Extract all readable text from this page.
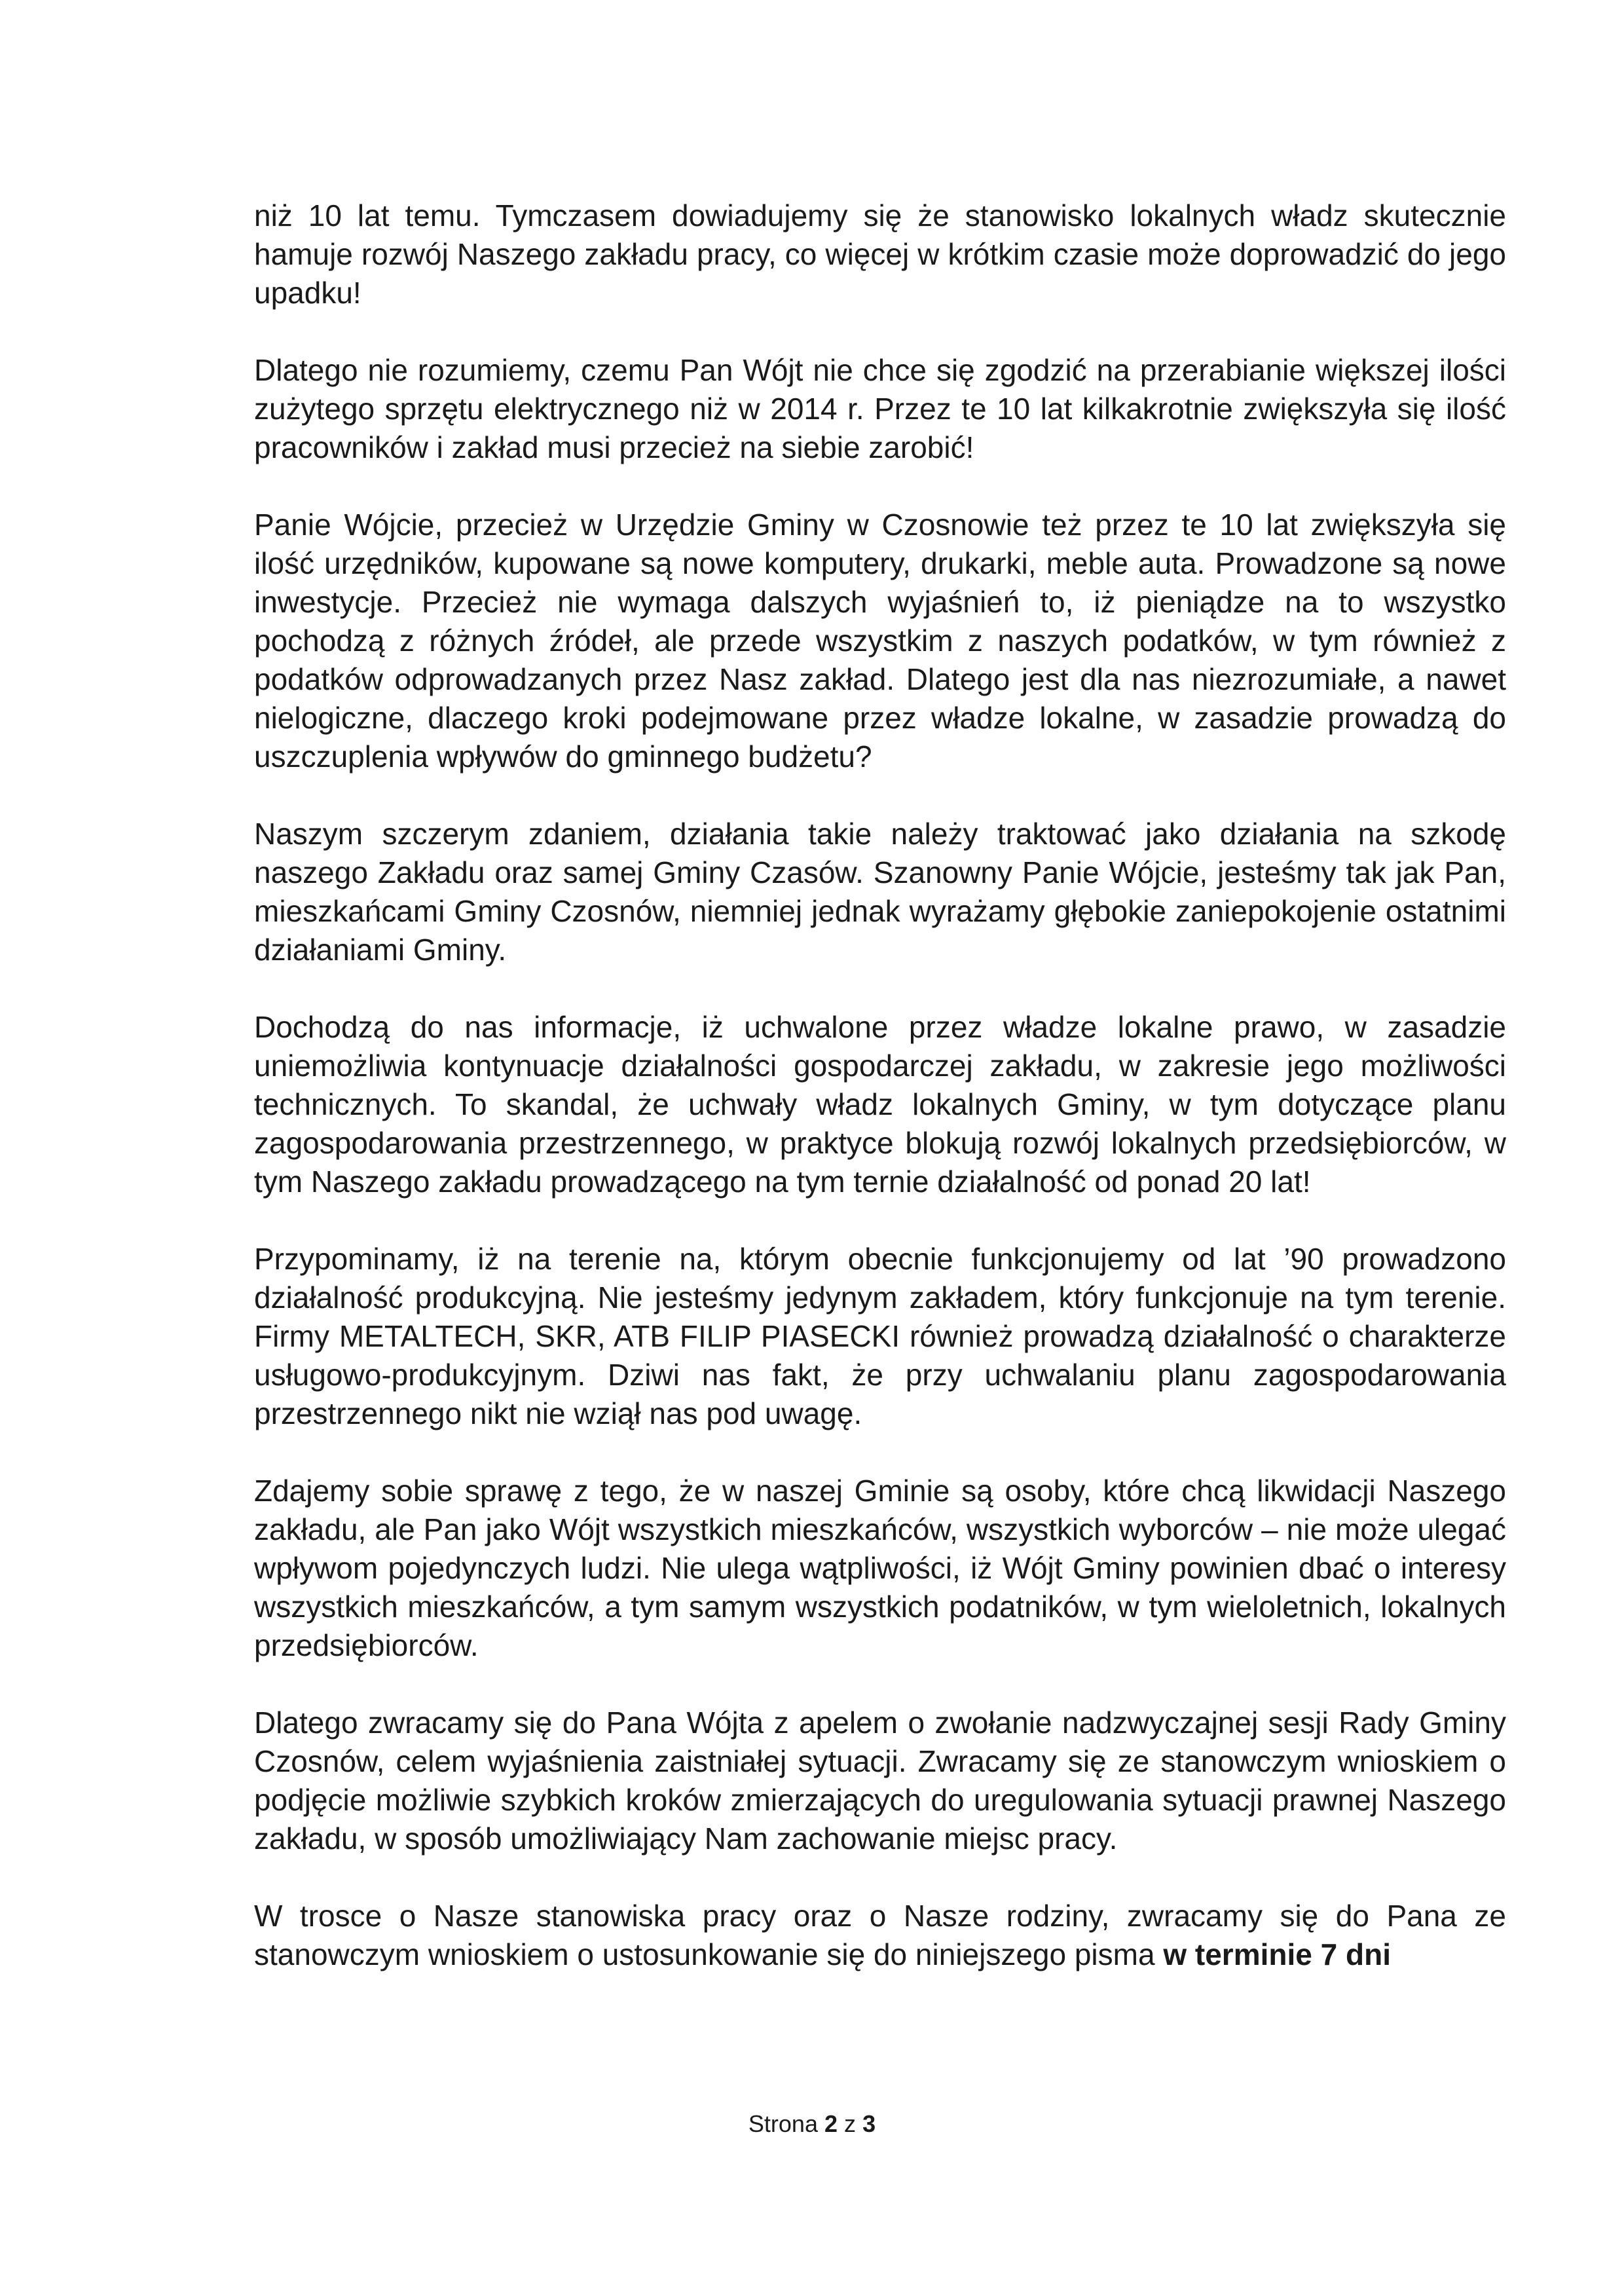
niż 10 lat temu. Tymczasem dowiadujemy się że stanowisko lokalnych władz skutecznie hamuje rozwój Naszego zakładu pracy, co więcej w krótkim czasie może doprowadzić do jego upadku!

Dlatego nie rozumiemy, czemu Pan Wójt nie chce się zgodzić na przerabianie większej ilości zużytego sprzętu elektrycznego niż w 2014 r. Przez te 10 lat kilkakrotnie zwiększyła się ilość pracowników i zakład musi przecież na siebie zarobić!

Panie Wójcie, przecież w Urzędzie Gminy w Czosnowie też przez te 10 lat zwiększyła się ilość urzędników, kupowane są nowe komputery, drukarki, meble auta. Prowadzone są nowe inwestycje. Przecież nie wymaga dalszych wyjaśnień to, iż pieniądze na to wszystko pochodzą z różnych źródeł, ale przede wszystkim z naszych podatków, w tym również z podatków odprowadzanych przez Nasz zakład. Dlatego jest dla nas niezrozumiałe, a nawet nielogiczne, dlaczego kroki podejmowane przez władze lokalne, w zasadzie prowadzą do uszczuplenia wpływów do gminnego budżetu?

Naszym szczerym zdaniem, działania takie należy traktować jako działania na szkodę naszego Zakładu oraz samej Gminy Czasów. Szanowny Panie Wójcie, jesteśmy tak jak Pan, mieszkańcami Gminy Czosnów, niemniej jednak wyrażamy głębokie zaniepokojenie ostatnimi działaniami Gminy.

Dochodzą do nas informacje, iż uchwalone przez władze lokalne prawo, w zasadzie uniemożliwia kontynuacje działalności gospodarczej zakładu, w zakresie jego możliwości technicznych. To skandal, że uchwały władz lokalnych Gminy, w tym dotyczące planu zagospodarowania przestrzennego, w praktyce blokują rozwój lokalnych przedsiębiorców, w tym Naszego zakładu prowadzącego na tym ternie działalność od ponad 20 lat!

Przypominamy, iż na terenie na, którym obecnie funkcjonujemy od lat ’90 prowadzono działalność produkcyjną. Nie jesteśmy jedynym zakładem, który funkcjonuje na tym terenie. Firmy METALTECH, SKR, ATB FILIP PIASECKI również prowadzą działalność o charakterze usługowo-produkcyjnym. Dziwi nas fakt, że przy uchwalaniu planu zagospodarowania przestrzennego nikt nie wziął nas pod uwagę.

Zdajemy sobie sprawę z tego, że w naszej Gminie są osoby, które chcą likwidacji Naszego zakładu, ale Pan jako Wójt wszystkich mieszkańców, wszystkich wyborców – nie może ulegać wpływom pojedynczych ludzi. Nie ulega wątpliwości, iż Wójt Gminy powinien dbać o interesy wszystkich mieszkańców, a tym samym wszystkich podatników, w tym wieloletnich, lokalnych przedsiębiorców.

Dlatego zwracamy się do Pana Wójta z apelem o zwołanie nadzwyczajnej sesji Rady Gminy Czosnów, celem wyjaśnienia zaistniałej sytuacji. Zwracamy się ze stanowczym wnioskiem o podjęcie możliwie szybkich kroków zmierzających do uregulowania sytuacji prawnej Naszego zakładu, w sposób umożliwiający Nam zachowanie miejsc pracy.

W trosce o Nasze stanowiska pracy oraz o Nasze rodziny, zwracamy się do Pana ze stanowczym wnioskiem o ustosunkowanie się do niniejszego pisma w terminie 7 dni

Strona 2 z 3
